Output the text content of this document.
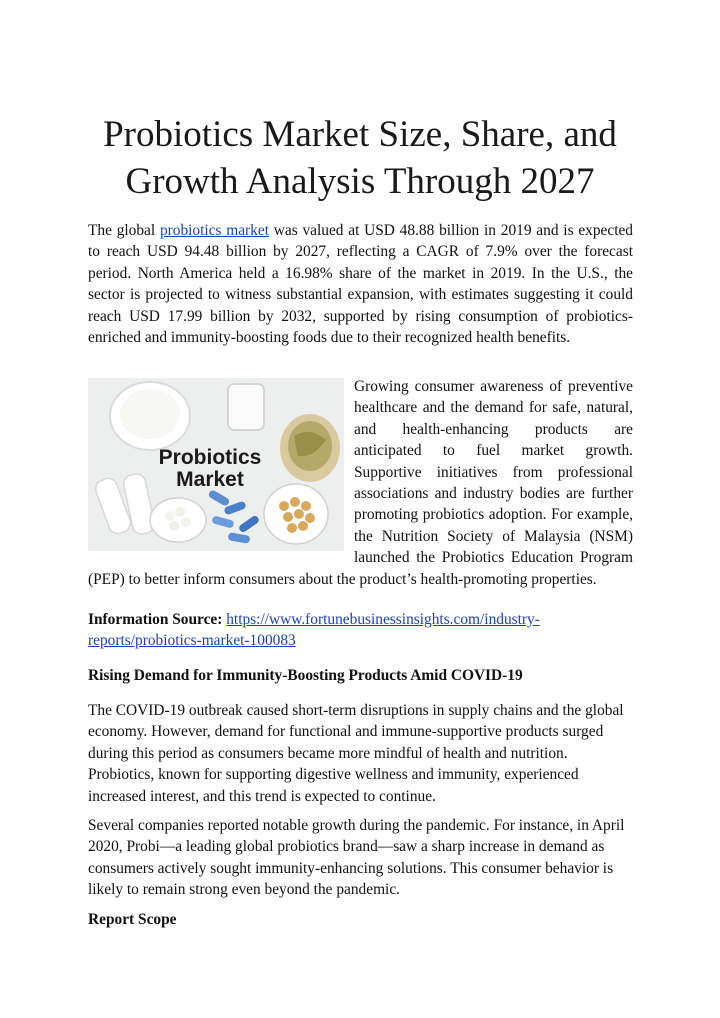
Probiotics Market Size, Share, and Growth Analysis Through 2027

The global probiotics market was valued at USD 48.88 billion in 2019 and is expected to reach USD 94.48 billion by 2027, reflecting a CAGR of 7.9% over the forecast period. North America held a 16.98% share of the market in 2019. In the U.S., the sector is projected to witness substantial expansion, with estimates suggesting it could reach USD 17.99 billion by 2032, supported by rising consumption of probiotics-enriched and immunity-boosting foods due to their recognized health benefits.

Probiotics
Market

Growing consumer awareness of preventive healthcare and the demand for safe, natural, and health-enhancing products are anticipated to fuel market growth. Supportive initiatives from professional associations and industry bodies are further promoting probiotics adoption. For example, the Nutrition Society of Malaysia (NSM) launched the Probiotics Education Program (PEP) to better inform consumers about the product’s health-promoting properties.

Information Source: https://www.fortunebusinessinsights.com/industry-reports/probiotics-market-100083

Rising Demand for Immunity-Boosting Products Amid COVID-19

The COVID-19 outbreak caused short-term disruptions in supply chains and the global economy. However, demand for functional and immune-supportive products surged during this period as consumers became more mindful of health and nutrition. Probiotics, known for supporting digestive wellness and immunity, experienced increased interest, and this trend is expected to continue.

Several companies reported notable growth during the pandemic. For instance, in April 2020, Probi—a leading global probiotics brand—saw a sharp increase in demand as consumers actively sought immunity-enhancing solutions. This consumer behavior is likely to remain strong even beyond the pandemic.

Report Scope
